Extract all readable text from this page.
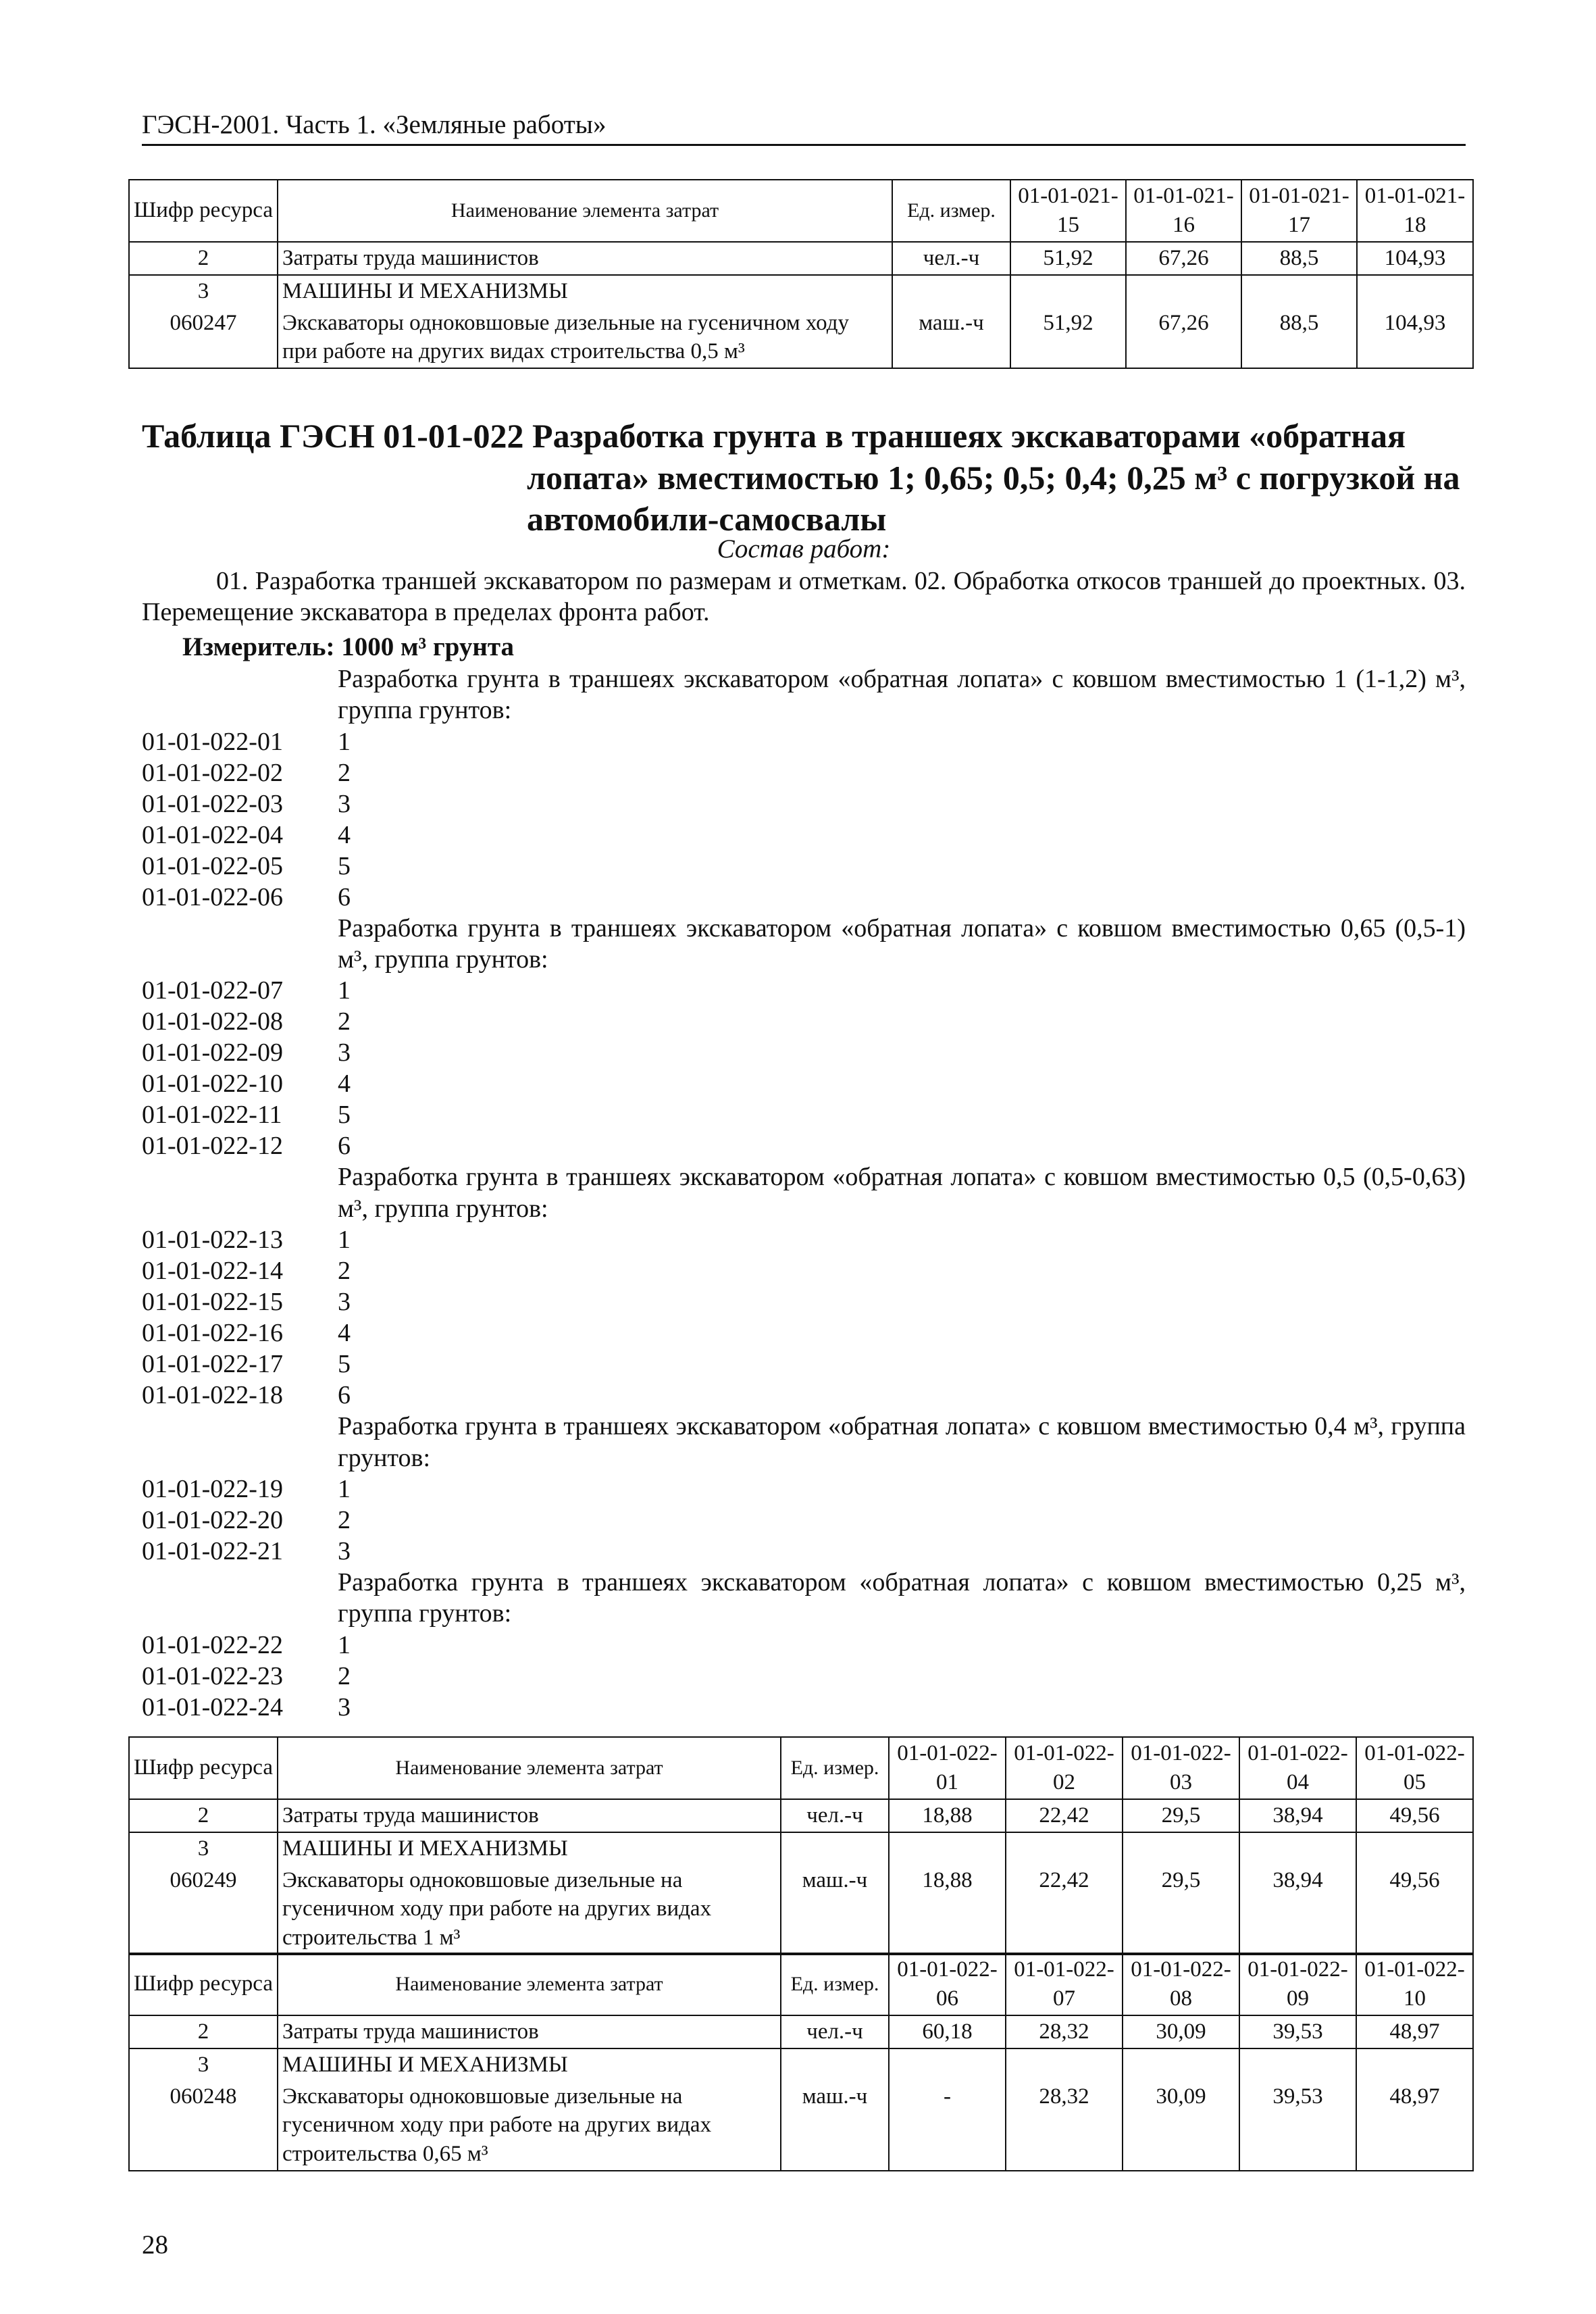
ГЭСН-2001. Часть 1. «Земляные работы»
Шифр ресурса	Наименование элемента затрат	Ед. измер.	01-01-021-15	01-01-021-16	01-01-021-17	01-01-021-18
2	Затраты труда машинистов	чел.-ч	51,92	67,26	88,5	104,93
3	МАШИНЫ И МЕХАНИЗМЫ					
060247	Экскаваторы одноковшовые дизельные на гусеничном ходу при работе на других видах строительства 0,5 м³	маш.-ч	51,92	67,26	88,5	104,93
Таблица ГЭСН 01-01-022 Разработка грунта в траншеях экскаваторами «обратная
лопата» вместимостью 1; 0,65; 0,5; 0,4; 0,25 м³ с погрузкой на
автомобили-самосвалы
Состав работ:
01. Разработка траншей экскаватором по размерам и отметкам. 02. Обработка откосов траншей до проектных. 03. Перемещение экскаватора в пределах фронта работ.
Измеритель: 1000 м³ грунта
Разработка грунта в траншеях экскаватором «обратная лопата» с ковшом вместимостью 1 (1-1,2) м³, группа грунтов:
01-01-022-01	1
01-01-022-02	2
01-01-022-03	3
01-01-022-04	4
01-01-022-05	5
01-01-022-06	6
Разработка грунта в траншеях экскаватором «обратная лопата» с ковшом вместимостью 0,65 (0,5-1) м³, группа грунтов:
01-01-022-07	1
01-01-022-08	2
01-01-022-09	3
01-01-022-10	4
01-01-022-11	5
01-01-022-12	6
Разработка грунта в траншеях экскаватором «обратная лопата» с ковшом вместимостью 0,5 (0,5-0,63) м³, группа грунтов:
01-01-022-13	1
01-01-022-14	2
01-01-022-15	3
01-01-022-16	4
01-01-022-17	5
01-01-022-18	6
Разработка грунта в траншеях экскаватором «обратная лопата» с ковшом вместимостью 0,4 м³, группа грунтов:
01-01-022-19	1
01-01-022-20	2
01-01-022-21	3
Разработка грунта в траншеях экскаватором «обратная лопата» с ковшом вместимостью 0,25 м³, группа грунтов:
01-01-022-22	1
01-01-022-23	2
01-01-022-24	3
Шифр ресурса	Наименование элемента затрат	Ед. измер.	01-01-022-01	01-01-022-02	01-01-022-03	01-01-022-04	01-01-022-05
2	Затраты труда машинистов	чел.-ч	18,88	22,42	29,5	38,94	49,56
3	МАШИНЫ И МЕХАНИЗМЫ						
060249	Экскаваторы одноковшовые дизельные на гусеничном ходу при работе на других видах строительства 1 м³	маш.-ч	18,88	22,42	29,5	38,94	49,56
Шифр ресурса	Наименование элемента затрат	Ед. измер.	01-01-022-06	01-01-022-07	01-01-022-08	01-01-022-09	01-01-022-10
2	Затраты труда машинистов	чел.-ч	60,18	28,32	30,09	39,53	48,97
3	МАШИНЫ И МЕХАНИЗМЫ						
060248	Экскаваторы одноковшовые дизельные на гусеничном ходу при работе на других видах строительства 0,65 м³	маш.-ч	-	28,32	30,09	39,53	48,97
28
